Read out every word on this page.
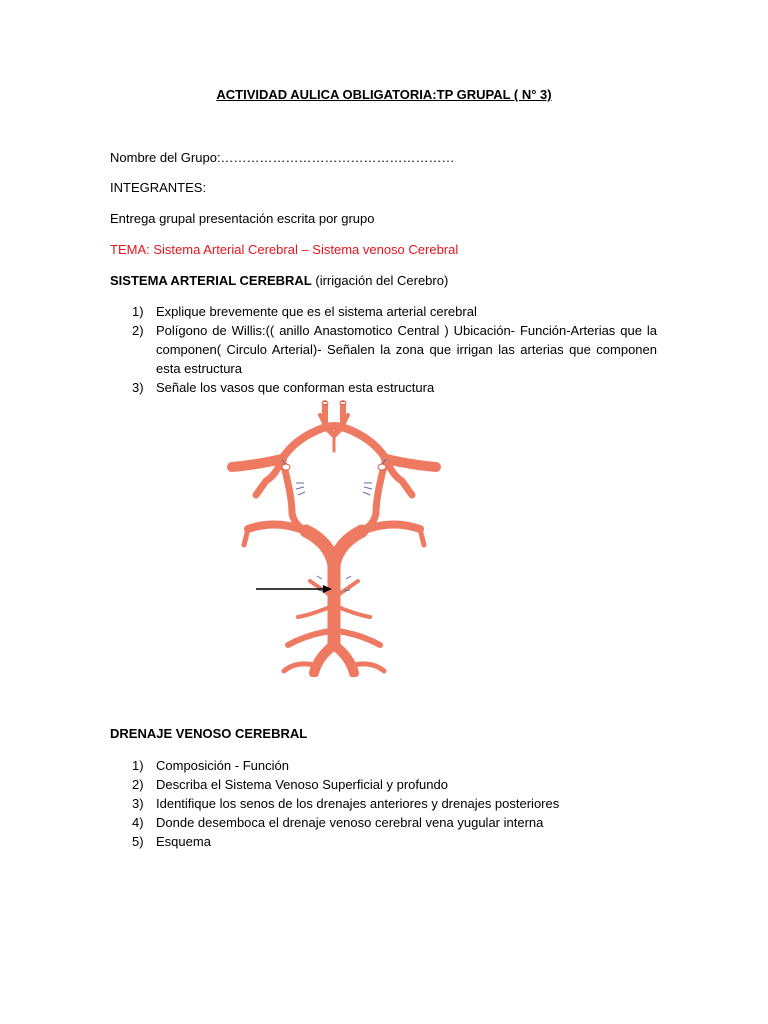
ACTIVIDAD AULICA OBLIGATORIA:TP GRUPAL ( N° 3)
Nombre del Grupo:………………………………………………
INTEGRANTES:
Entrega grupal presentación escrita por grupo
TEMA: Sistema Arterial Cerebral – Sistema venoso Cerebral
SISTEMA ARTERIAL CEREBRAL (irrigación del Cerebro)
1) Explique brevemente que es el sistema arterial cerebral
2) Polígono de Willis:(( anillo Anastomotico Central ) Ubicación- Función-Arterias que la componen( Circulo Arterial)- Señalen la zona que irrigan las arterias que componen esta estructura
3) Señale los vasos que conforman esta estructura
DRENAJE VENOSO CEREBRAL
1) Composición - Función
2) Describa el Sistema Venoso Superficial y profundo
3) Identifique los senos de los drenajes anteriores y drenajes posteriores
4) Donde desemboca el drenaje venoso cerebral vena yugular interna
5) Esquema
